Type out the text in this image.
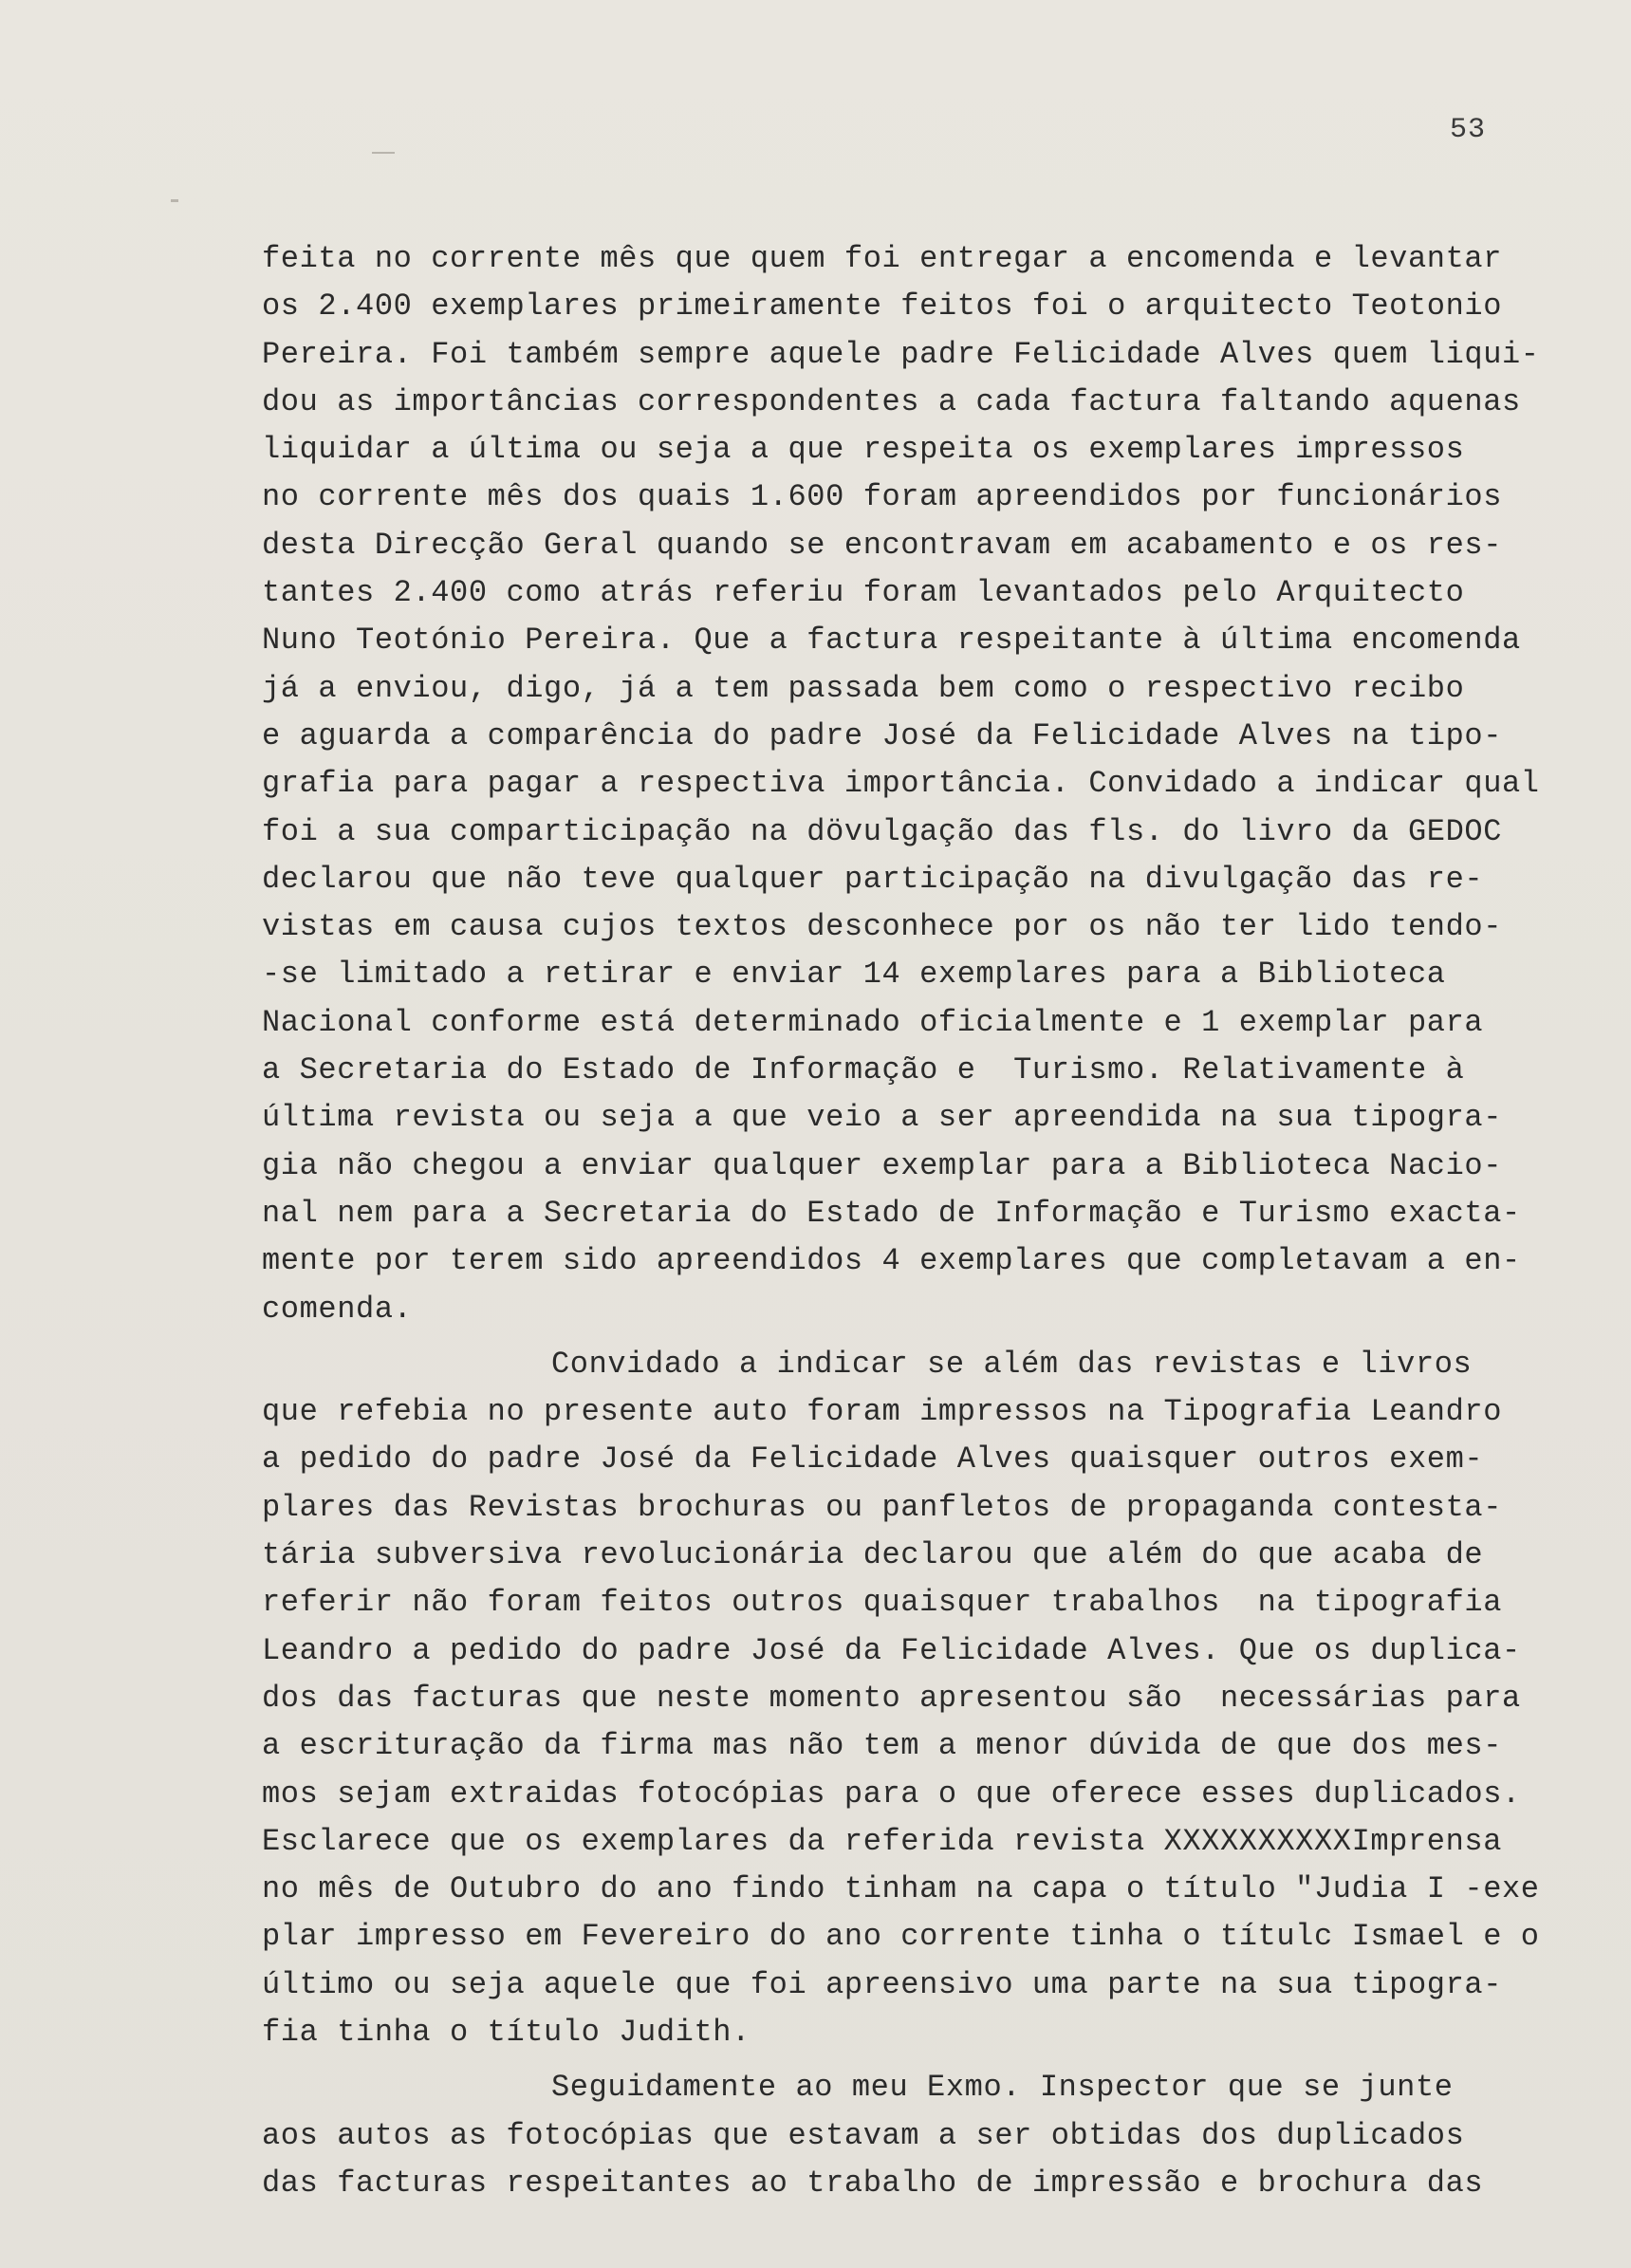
53
feita no corrente mês que quem foi entregar a encomenda e levantar
os 2.400 exemplares primeiramente feitos foi o arquitecto Teotonio
Pereira. Foi também sempre aquele padre Felicidade Alves quem liqui-
dou as importâncias correspondentes a cada factura faltando aquenas
liquidar a última ou seja a que respeita os exemplares impressos
no corrente mês dos quais 1.600 foram apreendidos por funcionários
desta Direcção Geral quando se encontravam em acabamento e os res-
tantes 2.400 como atrás referiu foram levantados pelo Arquitecto
Nuno Teotónio Pereira. Que a factura respeitante à última encomenda
já a enviou, digo, já a tem passada bem como o respectivo recibo
e aguarda a comparência do padre José da Felicidade Alves na tipo-
grafia para pagar a respectiva importância. Convidado a indicar qual
foi a sua comparticipação na dövulgação das fls. do livro da GEDOC
declarou que não teve qualquer participação na divulgação das re-
vistas em causa cujos textos desconhece por os não ter lido tendo-
-se limitado a retirar e enviar 14 exemplares para a Biblioteca
Nacional conforme está determinado oficialmente e 1 exemplar para
a Secretaria do Estado de Informação e  Turismo. Relativamente à
última revista ou seja a que veio a ser apreendida na sua tipogra-
gia não chegou a enviar qualquer exemplar para a Biblioteca Nacio-
nal nem para a Secretaria do Estado de Informação e Turismo exacta-
mente por terem sido apreendidos 4 exemplares que completavam a en-
comenda.
Convidado a indicar se além das revistas e livros
que refebia no presente auto foram impressos na Tipografia Leandro
a pedido do padre José da Felicidade Alves quaisquer outros exem-
plares das Revistas brochuras ou panfletos de propaganda contesta-
tária subversiva revolucionária declarou que além do que acaba de
referir não foram feitos outros quaisquer trabalhos  na tipografia
Leandro a pedido do padre José da Felicidade Alves. Que os duplica-
dos das facturas que neste momento apresentou são  necessárias para
a escrituração da firma mas não tem a menor dúvida de que dos mes-
mos sejam extraidas fotocópias para o que oferece esses duplicados.
Esclarece que os exemplares da referida revista XXXXXXXXXXImprensa
no mês de Outubro do ano findo tinham na capa o título "Judia I -exe
plar impresso em Fevereiro do ano corrente tinha o títulc Ismael e o
último ou seja aquele que foi apreensivo uma parte na sua tipogra-
fia tinha o título Judith.
Seguidamente ao meu Exmo. Inspector que se junte
aos autos as fotocópias que estavam a ser obtidas dos duplicados
das facturas respeitantes ao trabalho de impressão e brochura das
